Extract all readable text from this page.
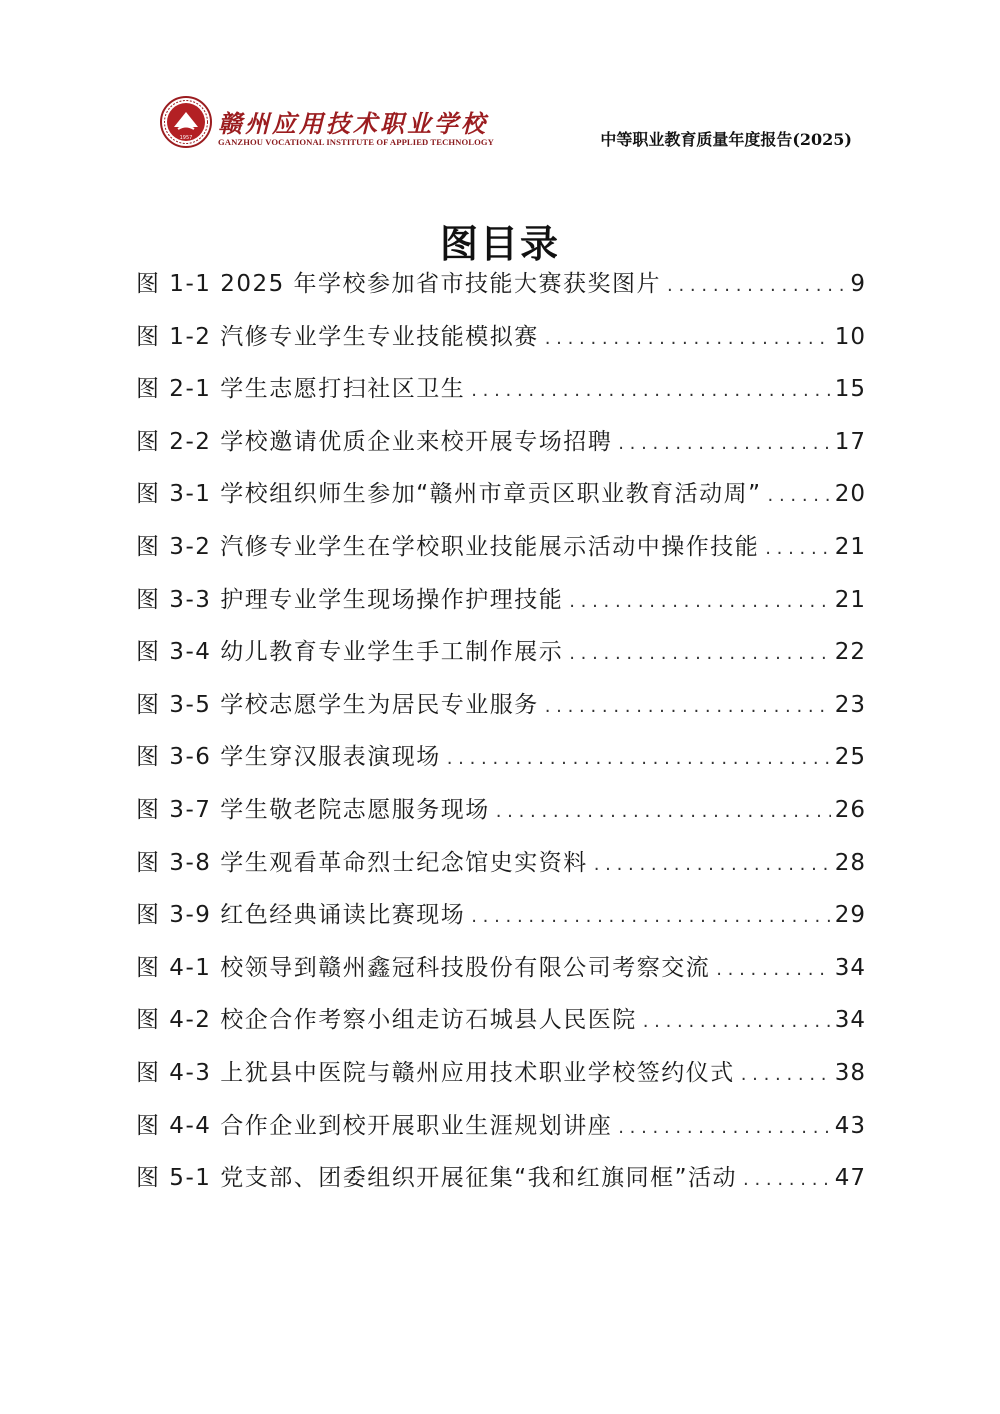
1957 赣州应用技术职业学校
GANZHOU VOCATIONAL INSTITUTE OF APPLIED TECHNOLOGY	中等职业教育质量年度报告(2025)
图目录
图 1-1 2025 年学校参加省市技能大赛获奖图片 . . .	9
图 1-2 汽修专业学生专业技能模拟赛 . . .	10
图 2-1 学生志愿打扫社区卫生 . . .	15
图 2-2 学校邀请优质企业来校开展专场招聘 . . .	17
图 3-1 学校组织师生参加“赣州市章贡区职业教育活动周” . . .	20
图 3-2 汽修专业学生在学校职业技能展示活动中操作技能 . . .	21
图 3-3 护理专业学生现场操作护理技能 . . .	21
图 3-4 幼儿教育专业学生手工制作展示 . . .	22
图 3-5 学校志愿学生为居民专业服务 . . .	23
图 3-6 学生穿汉服表演现场 . . .	25
图 3-7 学生敬老院志愿服务现场 . . .	26
图 3-8 学生观看革命烈士纪念馆史实资料 . . .	28
图 3-9 红色经典诵读比赛现场 . . .	29
图 4-1 校领导到赣州鑫冠科技股份有限公司考察交流 . . .	34
图 4-2 校企合作考察小组走访石城县人民医院 . . .	34
图 4-3 上犹县中医院与赣州应用技术职业学校签约仪式 . . .	38
图 4-4 合作企业到校开展职业生涯规划讲座 . . .	43
图 5-1 党支部、团委组织开展征集“我和红旗同框”活动 . . .	47
